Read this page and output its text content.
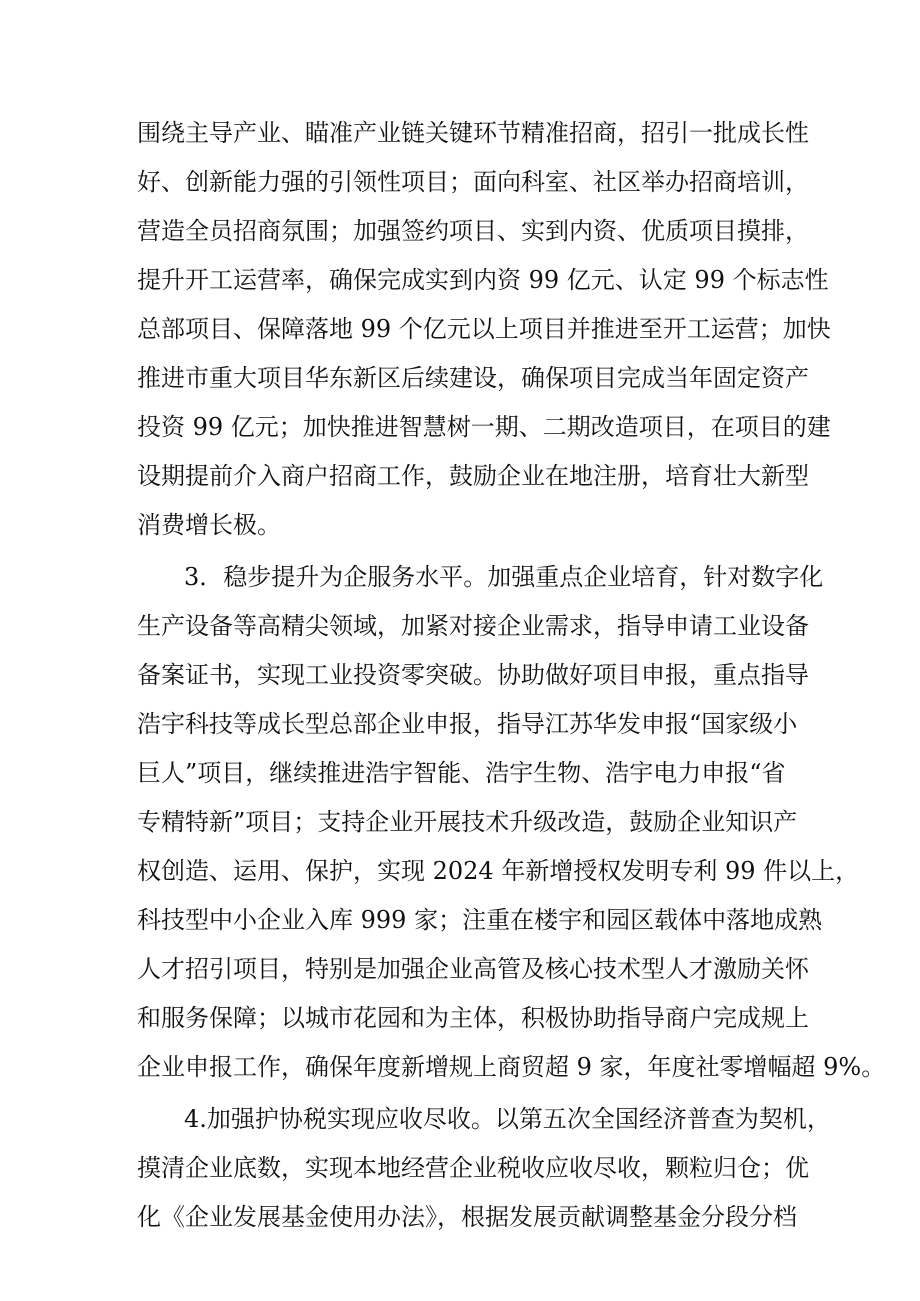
围绕主导产业、瞄准产业链关键环节精准招商，招引一批成长性
好、创新能力强的引领性项目；面向科室、社区举办招商培训，
营造全员招商氛围；加强签约项目、实到内资、优质项目摸排，
提升开工运营率，确保完成实到内资 99 亿元、认定 99 个标志性
总部项目、保障落地 99 个亿元以上项目并推进至开工运营；加快
推进市重大项目华东新区后续建设，确保项目完成当年固定资产
投资 99 亿元；加快推进智慧树一期、二期改造项目，在项目的建
设期提前介入商户招商工作，鼓励企业在地注册，培育壮大新型
消费增长极。
3．稳步提升为企服务水平。加强重点企业培育，针对数字化
生产设备等高精尖领域，加紧对接企业需求，指导申请工业设备
备案证书，实现工业投资零突破。协助做好项目申报，重点指导
浩宇科技等成长型总部企业申报，指导江苏华发申报“国家级小
巨人”项目，继续推进浩宇智能、浩宇生物、浩宇电力申报“省
专精特新”项目；支持企业开展技术升级改造，鼓励企业知识产
权创造、运用、保护，实现 2024 年新增授权发明专利 99 件以上，
科技型中小企业入库 999 家；注重在楼宇和园区载体中落地成熟
人才招引项目，特别是加强企业高管及核心技术型人才激励关怀
和服务保障；以城市花园和为主体，积极协助指导商户完成规上
企业申报工作，确保年度新增规上商贸超 9 家，年度社零增幅超 9%。
4.加强护协税实现应收尽收。以第五次全国经济普查为契机，
摸清企业底数，实现本地经营企业税收应收尽收，颗粒归仓；优
化《企业发展基金使用办法》，根据发展贡献调整基金分段分档
